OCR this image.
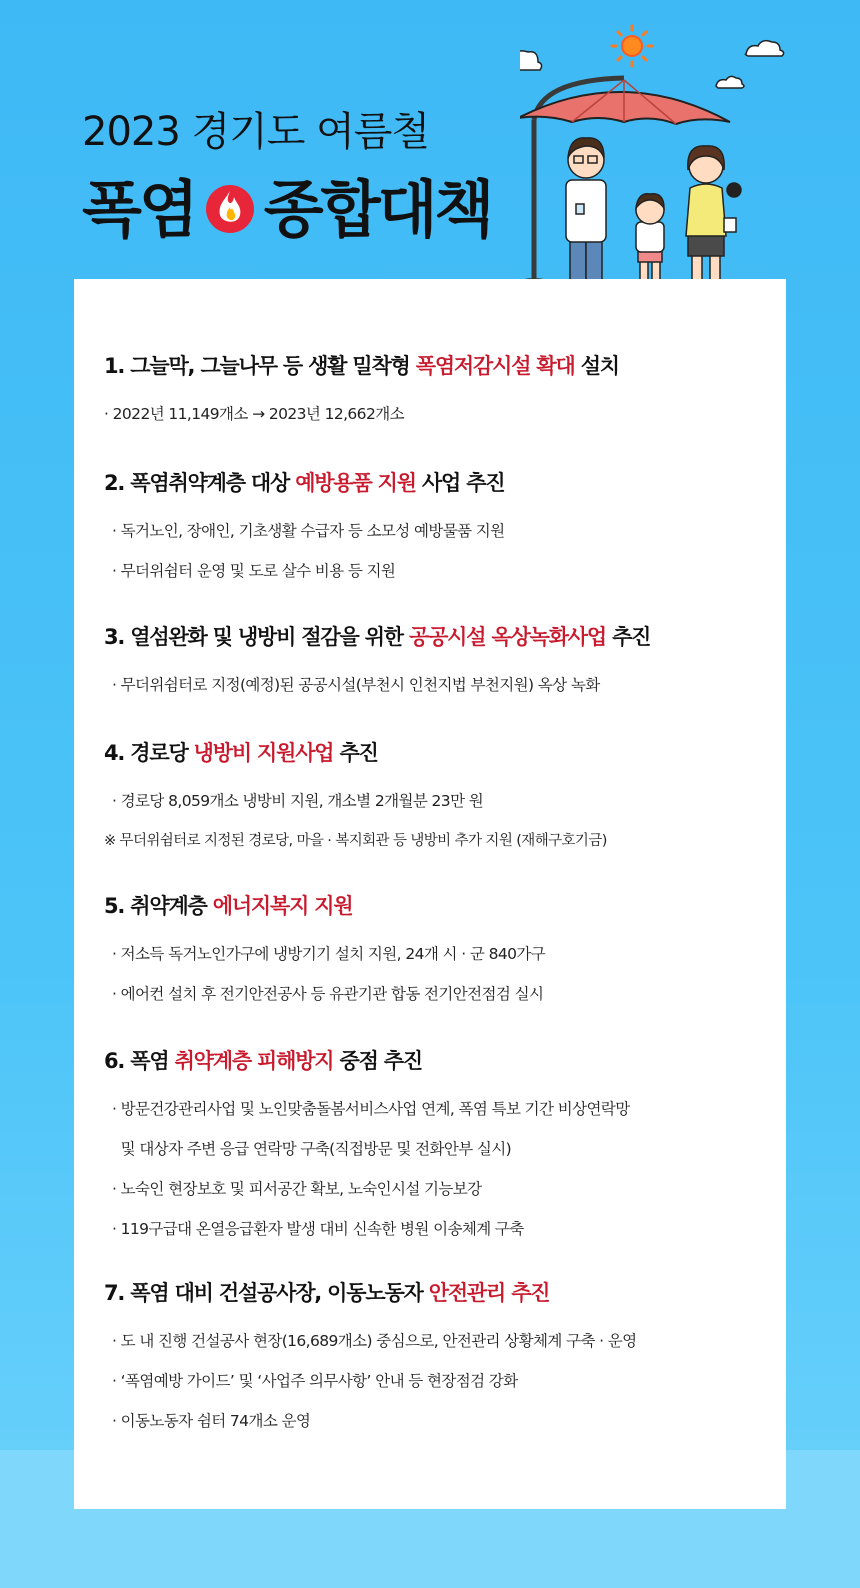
2023 경기도 여름철
폭염 종합대책
1. 그늘막, 그늘나무 등 생활 밀착형 폭염저감시설 확대 설치
· 2022년 11,149개소 → 2023년 12,662개소
2. 폭염취약계층 대상 예방용품 지원 사업 추진
· 독거노인, 장애인, 기초생활 수급자 등 소모성 예방물품 지원
· 무더위쉼터 운영 및 도로 살수 비용 등 지원
3. 열섬완화 및 냉방비 절감을 위한 공공시설 옥상녹화사업 추진
· 무더위쉼터로 지정(예정)된 공공시설(부천시 인천지법 부천지원) 옥상 녹화
4. 경로당 냉방비 지원사업 추진
· 경로당 8,059개소 냉방비 지원, 개소별 2개월분 23만 원
※ 무더위쉼터로 지정된 경로당, 마을 · 복지회관 등 냉방비 추가 지원 (재해구호기금)
5. 취약계층 에너지복지 지원
· 저소득 독거노인가구에 냉방기기 설치 지원, 24개 시 · 군 840가구
· 에어컨 설치 후 전기안전공사 등 유관기관 합동 전기안전점검 실시
6. 폭염 취약계층 피해방지 중점 추진
· 방문건강관리사업 및 노인맞춤돌봄서비스사업 연계, 폭염 특보 기간 비상연락망
및 대상자 주변 응급 연락망 구축(직접방문 및 전화안부 실시)
· 노숙인 현장보호 및 피서공간 확보, 노숙인시설 기능보강
· 119구급대 온열응급환자 발생 대비 신속한 병원 이송체계 구축
7. 폭염 대비 건설공사장, 이동노동자 안전관리 추진
· 도 내 진행 건설공사 현장(16,689개소) 중심으로, 안전관리 상황체계 구축 · 운영
· ‘폭염예방 가이드’ 및 ‘사업주 의무사항’ 안내 등 현장점검 강화
· 이동노동자 쉼터 74개소 운영
